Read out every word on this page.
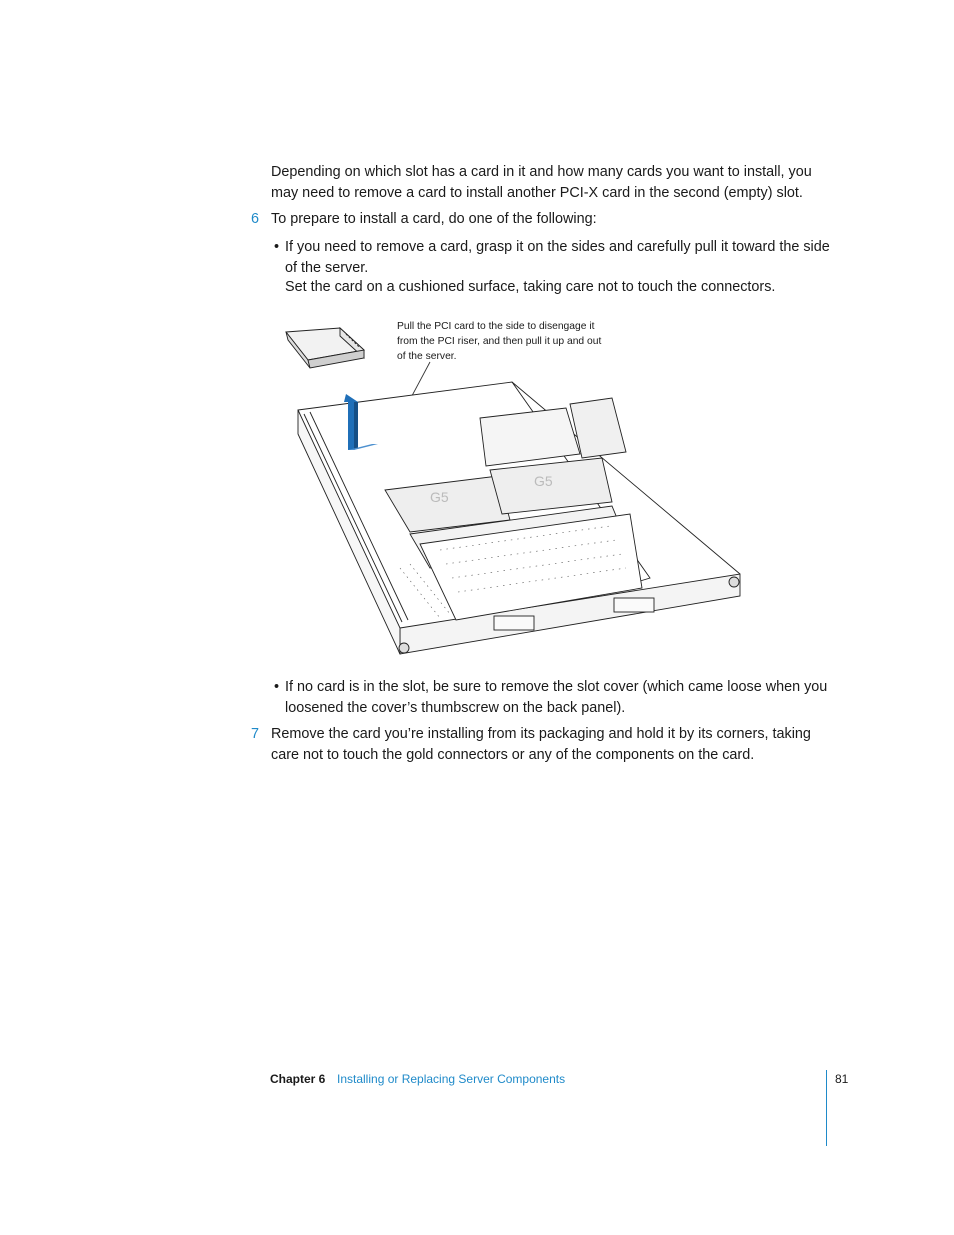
Depending on which slot has a card in it and how many cards you want to install, you may need to remove a card to install another PCI-X card in the second (empty) slot.

6 To prepare to install a card, do one of the following:

• If you need to remove a card, grasp it on the sides and carefully pull it toward the side of the server.

Set the card on a cushioned surface, taking care not to touch the connectors.

Pull the PCI card to the side to disengage it from the PCI riser, and then pull it up and out of the server.

G5
G5
• If no card is in the slot, be sure to remove the slot cover (which came loose when you loosened the cover’s thumbscrew on the back panel).

7 Remove the card you’re installing from its packaging and hold it by its corners, taking care not to touch the gold connectors or any of the components on the card.

Chapter 6 Installing or Replacing Server Components	81
